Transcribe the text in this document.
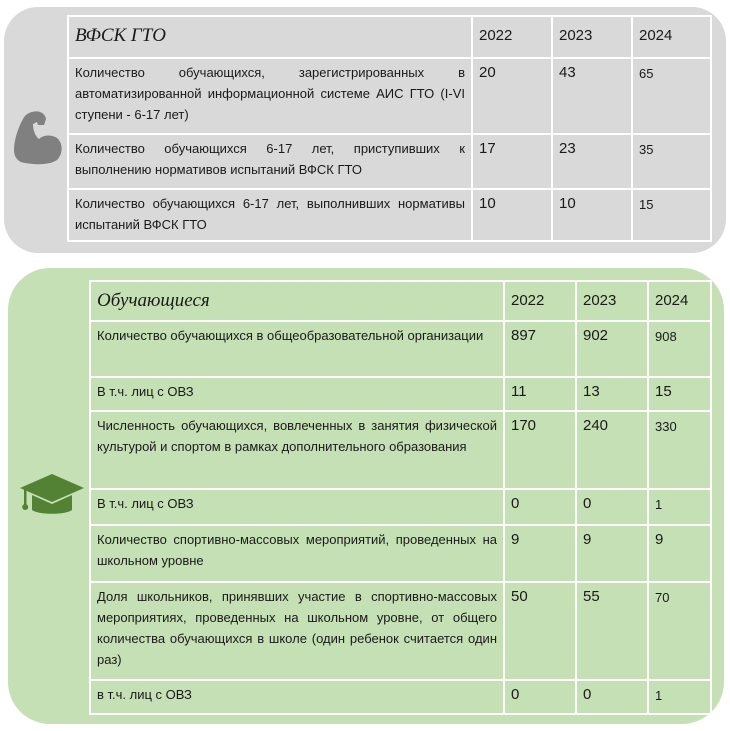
ВФСК ГТО	2022	2023	2024
Количество обучающихся, зарегистрированных в автоматизированной информационной системе АИС ГТО (I-VI ступени - 6-17 лет)	20	43	65
Количество обучающихся 6-17 лет, приступивших к выполнению нормативов испытаний ВФСК ГТО	17	23	35
Количество обучающихся 6-17 лет, выполнивших нормативы испытаний ВФСК ГТО	10	10	15
Обучающиеся	2022	2023	2024
Количество обучающихся в общеобразовательной организации	897	902	908
В т.ч. лиц с ОВЗ	11	13	15
Численность обучающихся, вовлеченных в занятия физической культурой и спортом в рамках дополнительного образования	170	240	330
В т.ч. лиц с ОВЗ	0	0	1
Количество спортивно-массовых мероприятий, проведенных на школьном уровне	9	9	9
Доля школьников, принявших участие в спортивно-массовых мероприятиях, проведенных на школьном уровне, от общего количества обучающихся в школе (один ребенок считается один раз)	50	55	70
в т.ч. лиц с ОВЗ	0	0	1
